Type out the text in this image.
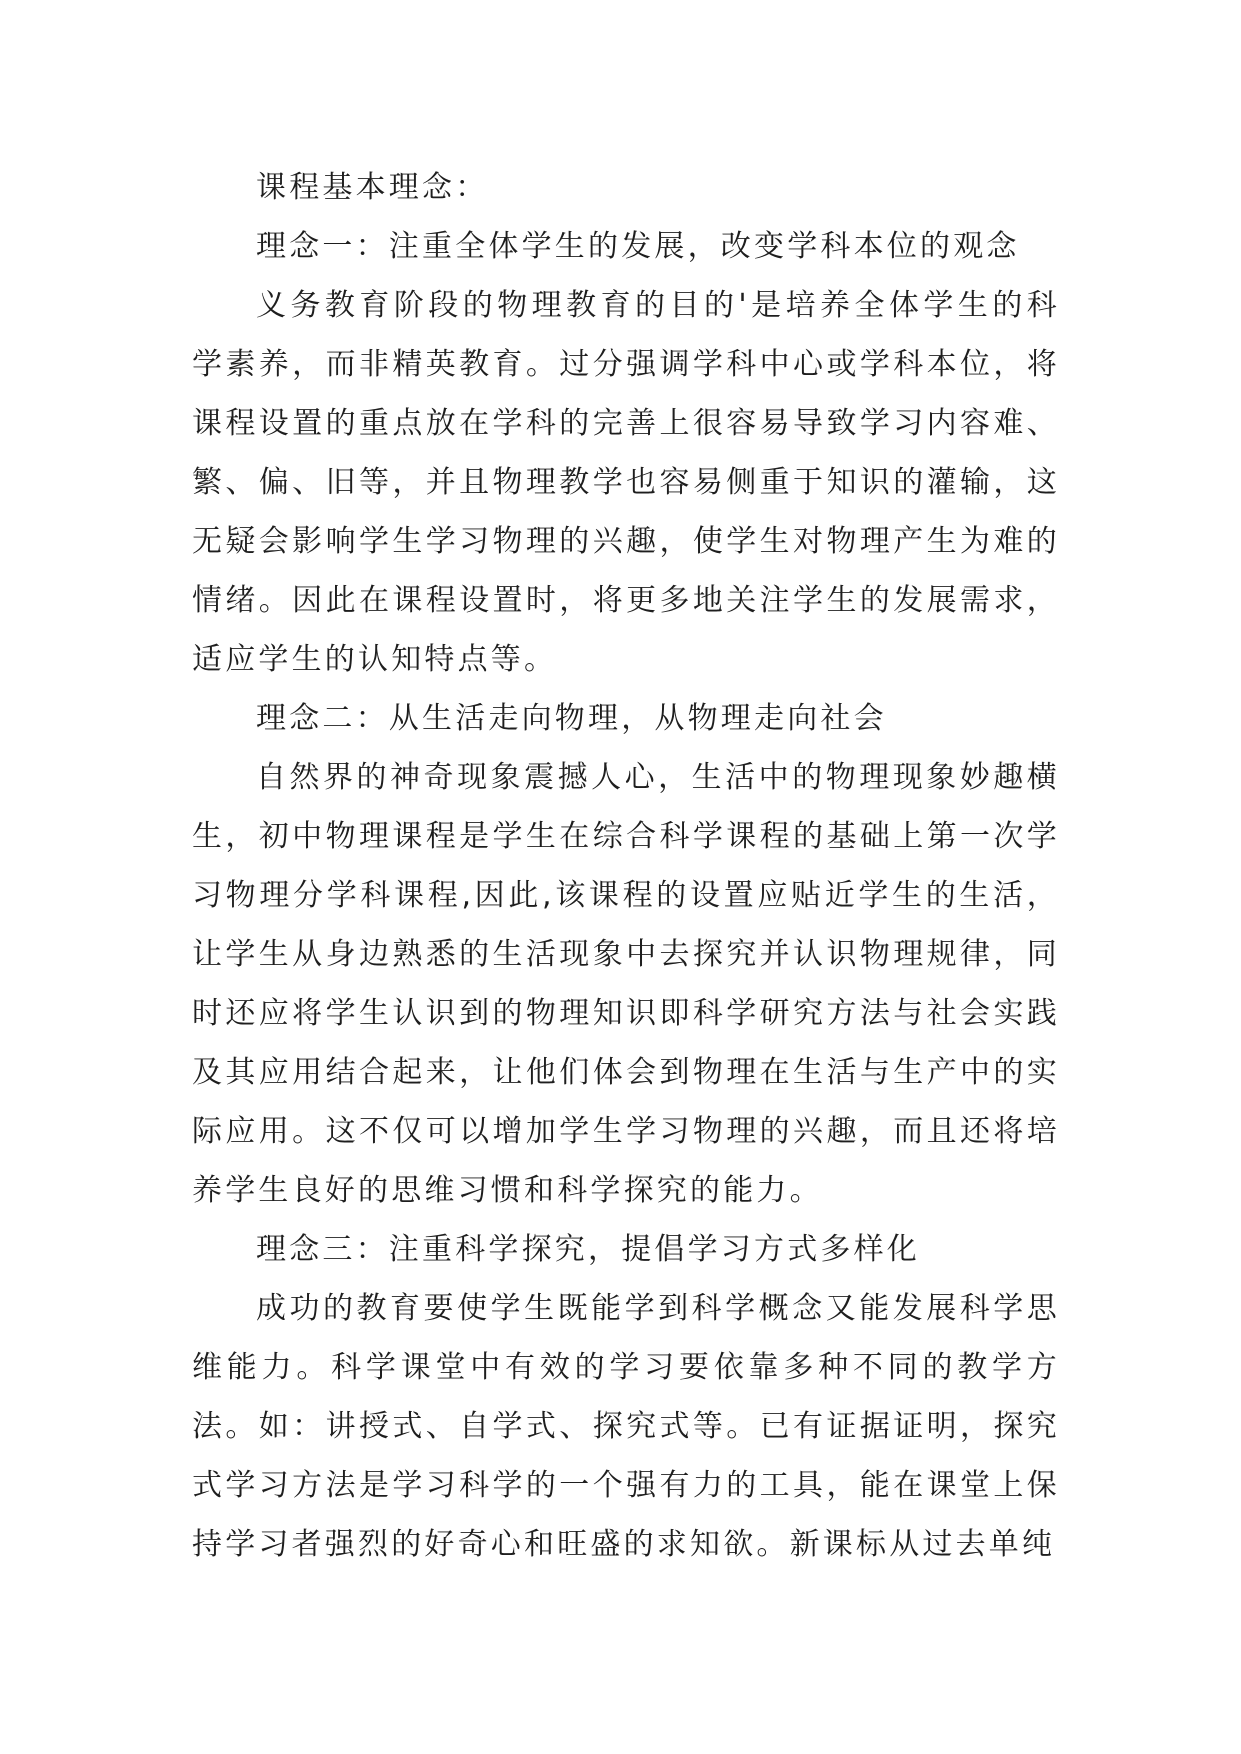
课程基本理念：

理念一：注重全体学生的发展，改变学科本位的观念

义务教育阶段的物理教育的目的'是培养全体学生的科学素养，而非精英教育。过分强调学科中心或学科本位，将课程设置的重点放在学科的完善上很容易导致学习内容难、繁、偏、旧等，并且物理教学也容易侧重于知识的灌输，这无疑会影响学生学习物理的兴趣，使学生对物理产生为难的情绪。因此在课程设置时，将更多地关注学生的发展需求，适应学生的认知特点等。

理念二：从生活走向物理，从物理走向社会

自然界的神奇现象震撼人心，生活中的物理现象妙趣横生，初中物理课程是学生在综合科学课程的基础上第一次学习物理分学科课程,因此,该课程的设置应贴近学生的生活，让学生从身边熟悉的生活现象中去探究并认识物理规律，同时还应将学生认识到的物理知识即科学研究方法与社会实践及其应用结合起来，让他们体会到物理在生活与生产中的实际应用。这不仅可以增加学生学习物理的兴趣，而且还将培养学生良好的思维习惯和科学探究的能力。

理念三：注重科学探究，提倡学习方式多样化

成功的教育要使学生既能学到科学概念又能发展科学思维能力。科学课堂中有效的学习要依靠多种不同的教学方法。如：讲授式、自学式、探究式等。已有证据证明，探究式学习方法是学习科学的一个强有力的工具，能在课堂上保持学习者强烈的好奇心和旺盛的求知欲。新课标从过去单纯
